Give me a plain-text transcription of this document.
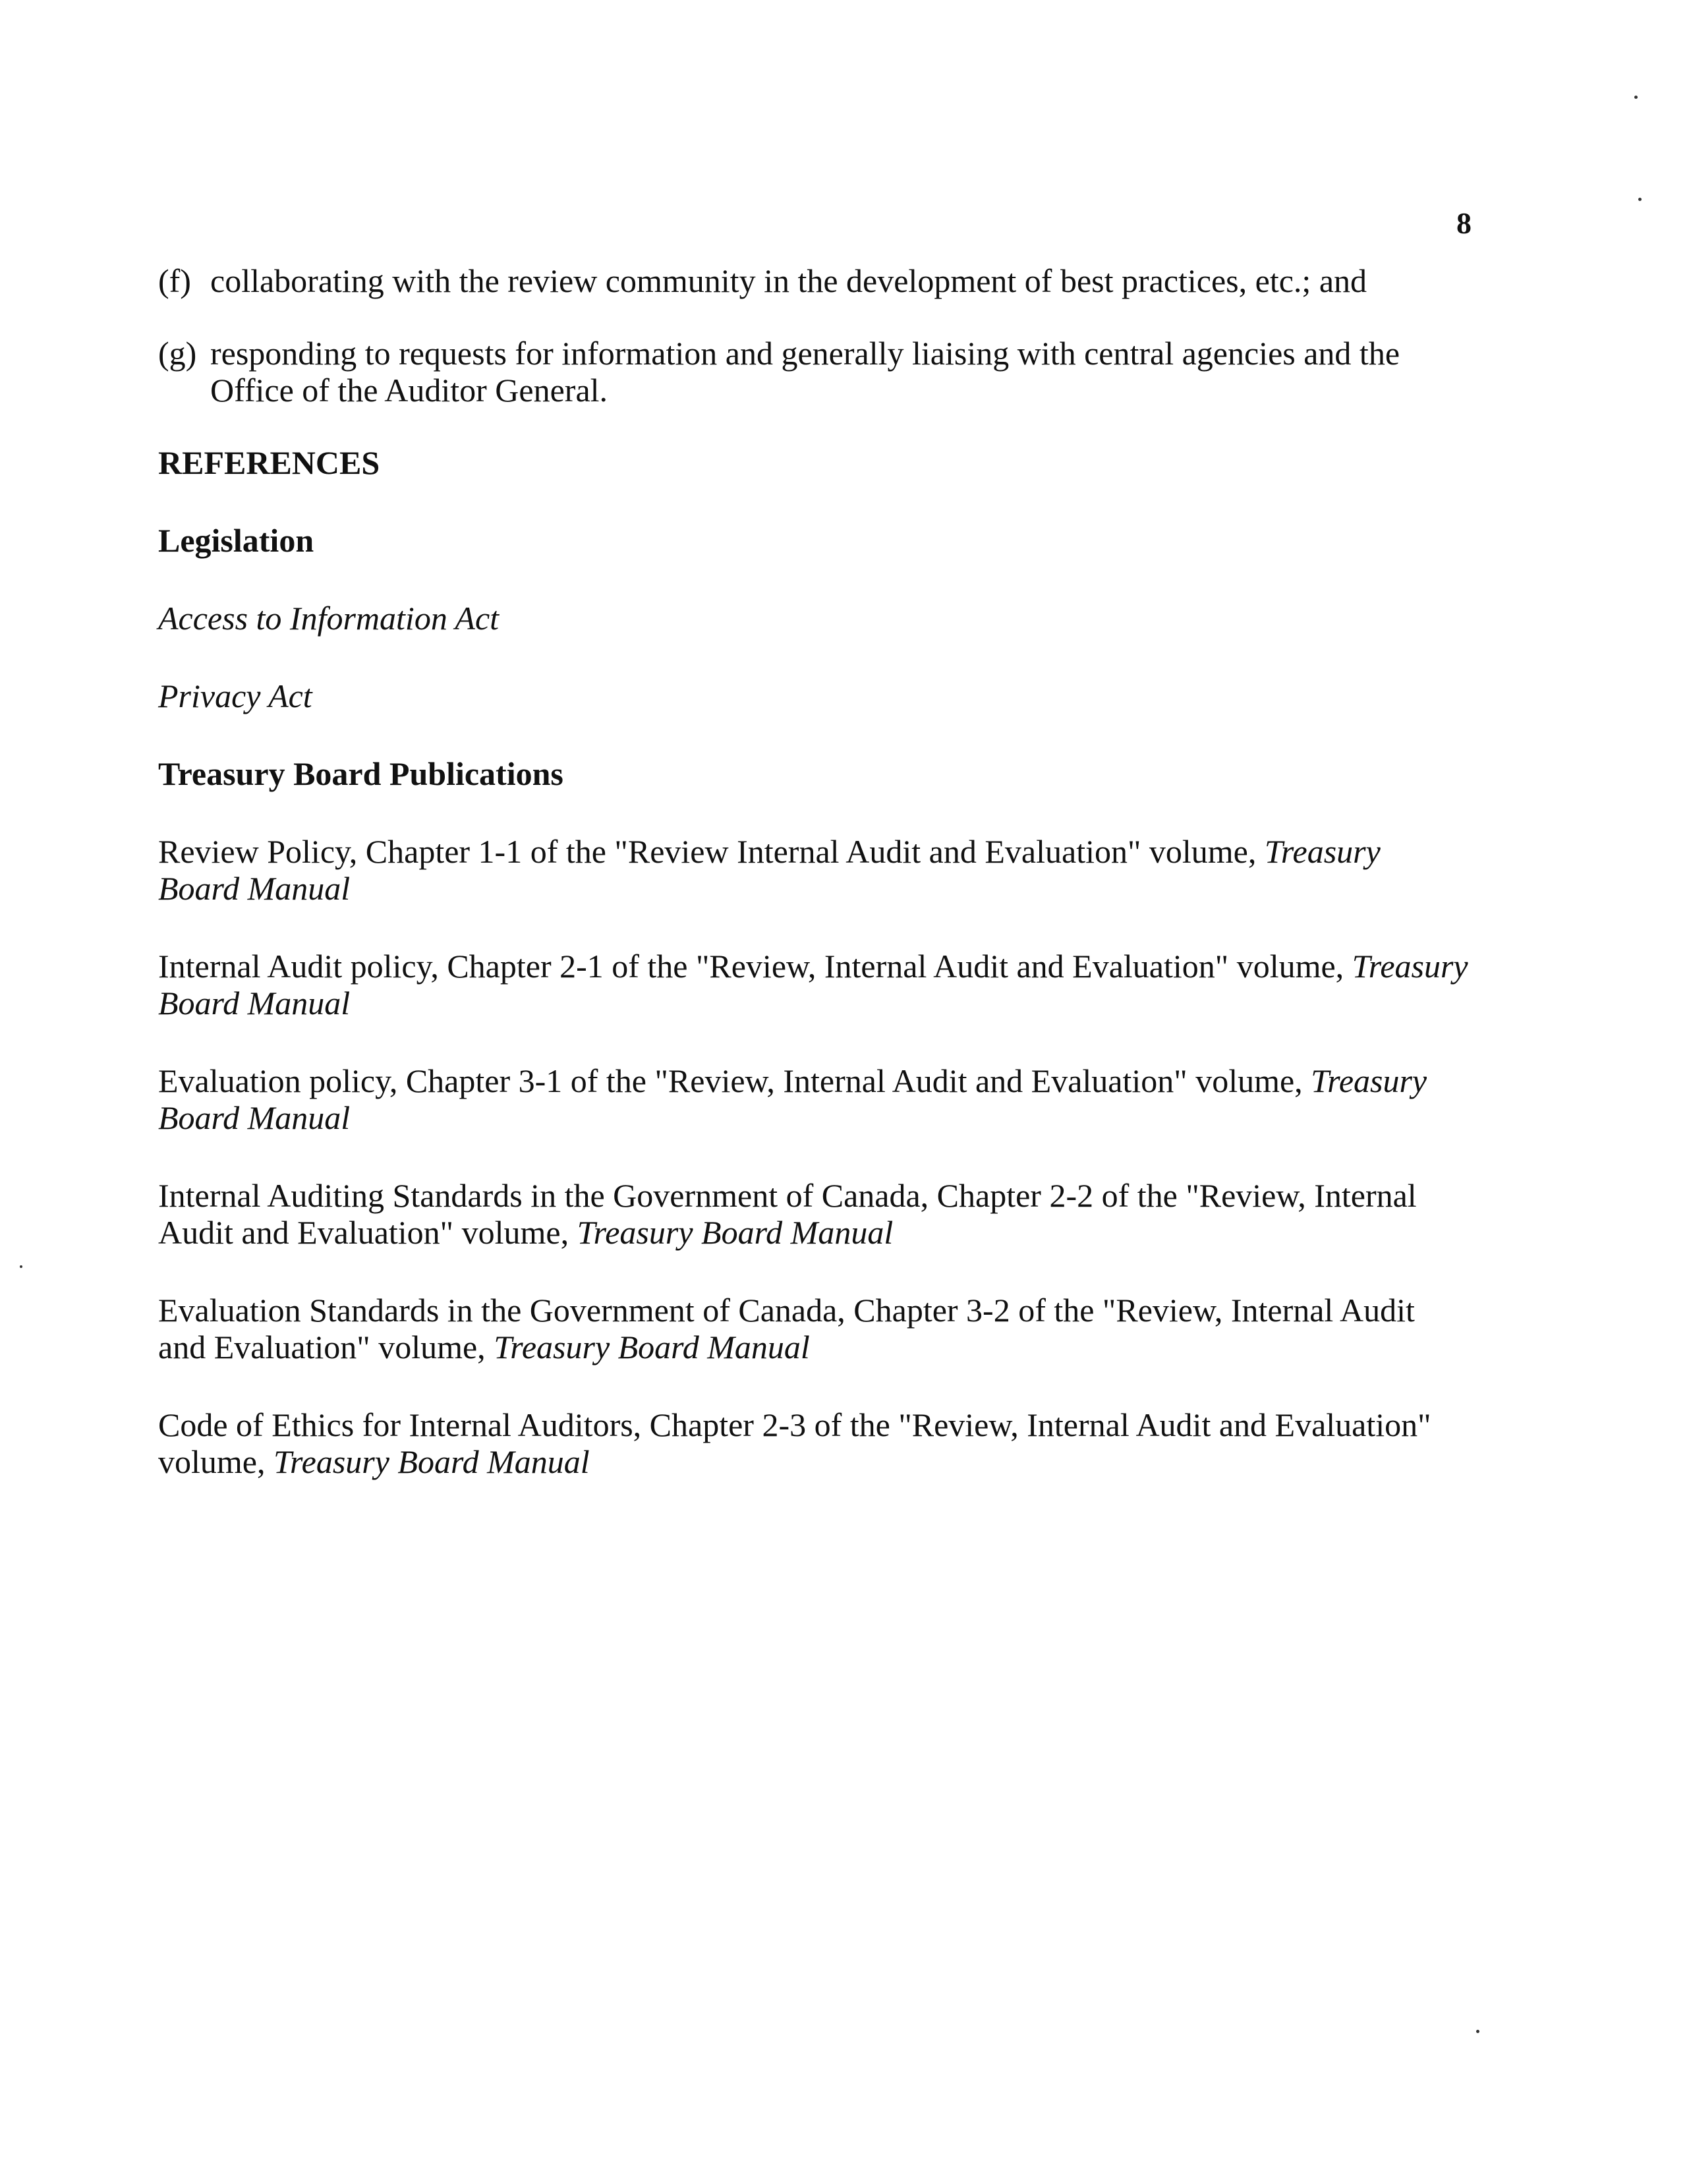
8
(f) collaborating with the review community in the development of best practices, etc.; and
(g) responding to requests for information and generally liaising with central agencies and the Office of the Auditor General.
REFERENCES
Legislation
Access to Information Act
Privacy Act
Treasury Board Publications
Review Policy, Chapter 1-1 of the "Review Internal Audit and Evaluation" volume, Treasury Board Manual
Internal Audit policy, Chapter 2-1 of the "Review, Internal Audit and Evaluation" volume, Treasury Board Manual
Evaluation policy, Chapter 3-1 of the "Review, Internal Audit and Evaluation" volume, Treasury Board Manual
Internal Auditing Standards in the Government of Canada, Chapter 2-2 of the "Review, Internal Audit and Evaluation" volume, Treasury Board Manual
Evaluation Standards in the Government of Canada, Chapter 3-2 of the "Review, Internal Audit and Evaluation" volume, Treasury Board Manual
Code of Ethics for Internal Auditors, Chapter 2-3 of the "Review, Internal Audit and Evaluation" volume, Treasury Board Manual
